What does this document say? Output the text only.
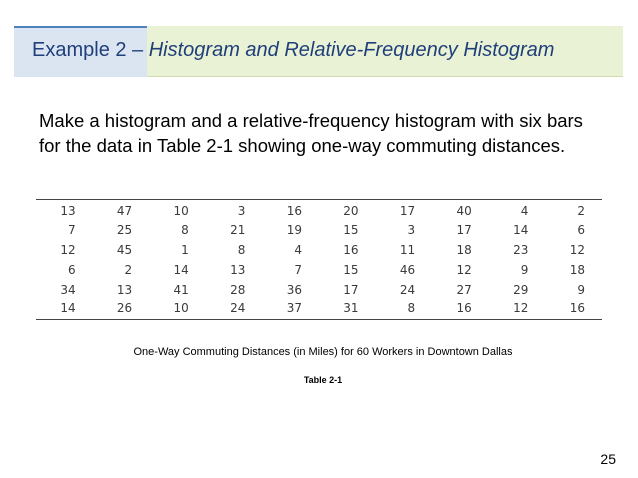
Example 2 – Histogram and Relative-Frequency Histogram
Make a histogram and a relative-frequency histogram with six bars for the data in Table 2-1 showing one-way commuting distances.
13	47	10	3	16	20	17	40	4	2
7	25	8	21	19	15	3	17	14	6
12	45	1	8	4	16	11	18	23	12
6	2	14	13	7	15	46	12	9	18
34	13	41	28	36	17	24	27	29	9
14	26	10	24	37	31	8	16	12	16
One-Way Commuting Distances (in Miles) for 60 Workers in Downtown Dallas
Table 2-1
25
